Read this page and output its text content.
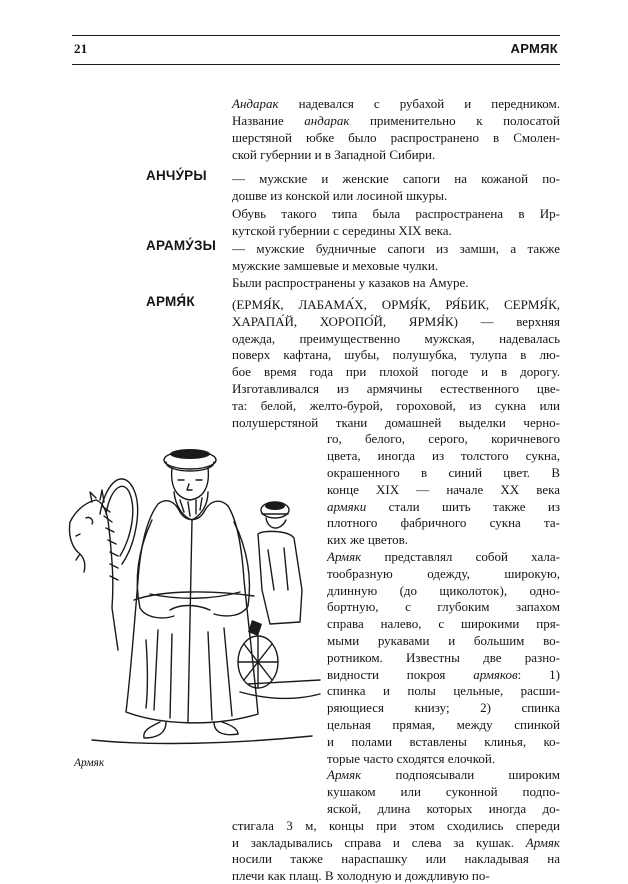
21	АРМЯК
Андарак надевался с рубахой и передником.
Название андарак применительно к полосатой
шерстяной юбке было распространено в Смолен-
ской губернии и в Западной Сибири.
АНЧУ́РЫ — мужские и женские сапоги на кожаной по-
дошве из конской или лосиной шкуры.
Обувь такого типа была распространена в Ир-
кутской губернии с середины XIX века.
АРАМУ́ЗЫ — мужские будничные сапоги из замши, а также
мужские замшевые и меховые чулки.
Были распространены у казаков на Амуре.
АРМЯ́К	(ЕРМЯ́К, ЛАБАМА́Х, ОРМЯ́К, РЯ́БИК, СЕРМЯ́К,
ХАРАПА́Й, ХОРОПО́Й, ЯРМЯ́К) — верхняя
одежда, преимущественно мужская, надевалась
поверх кафтана, шубы, полушубка, тулупа в лю-
бое время года при плохой погоде и в дорогу.
Изготавливался из армячины естественного цве-
та: белой, желто-бурой, гороховой, из сукна или
полушерстяной ткани домашней выделки черно-
го, белого, серого, коричневого
цвета, иногда из толстого сукна,
окрашенного в синий цвет. В
конце XIX — начале XX века
армяки стали шить также из
плотного фабричного сукна та-
ких же цветов.
Армяк представлял собой хала-
тообразную одежду, широкую,
длинную (до щиколоток), одно-
бортную, с глубоким запахом
справа налево, с широкими пря-
мыми рукавами и большим во-
ротником. Известны две разно-
видности покроя армяков: 1)
спинка и полы цельные, расши-
ряющиеся книзу; 2) спинка
цельная прямая, между спинкой
и полами вставлены клинья, ко-
торые часто сходятся елочкой.
Армяк подпоясывали широким
кушаком или суконной подпо-
яской, длина которых иногда до-
стигала 3 м, концы при этом сходились спереди
и закладывались справа и слева за кушак. Армяк
носили также нараспашку или накладывая на
плечи как плащ. В холодную и дождливую по-
Армяк
